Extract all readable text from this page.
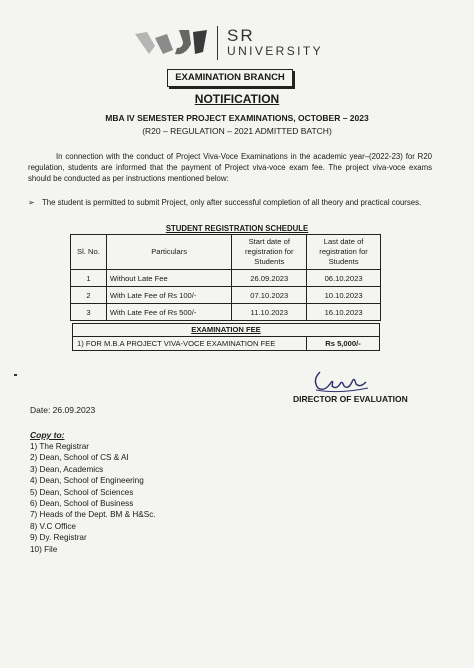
SR
UNIVERSITY
EXAMINATION BRANCH
NOTIFICATION
MBA IV SEMESTER PROJECT EXAMINATIONS, OCTOBER – 2023
(R20 – REGULATION – 2021 ADMITTED BATCH)
In connection with the conduct of Project Viva-Voce Examinations in the academic year–(2022-23) for R20 regulation, students are informed that the payment of Project viva-voce exam fee. The project viva-voce exams should be conducted as per instructions mentioned below:
➢ The student is permitted to submit Project, only after successful completion of all theory and practical courses.
STUDENT REGISTRATION SCHEDULE
Sl. No.	Particulars	Start date of registration for Students	Last date of registration for Students
1	Without Late Fee	26.09.2023	06.10.2023
2	With Late Fee of Rs 100/-	07.10.2023	10.10.2023
3	With Late Fee of Rs 500/-	11.10.2023	16.10.2023
EXAMINATION FEE
1) FOR M.B.A PROJECT VIVA-VOCE EXAMINATION FEE	Rs 5,000/-
DIRECTOR OF EVALUATION
Date: 26.09.2023
Copy to:
1) The Registrar
2) Dean, School of CS & AI
3) Dean, Academics
4) Dean, School of Engineering
5) Dean, School of Sciences
6) Dean, School of Business
7) Heads of the Dept. BM & H&Sc.
8) V.C Office
9) Dy. Registrar
10) File
